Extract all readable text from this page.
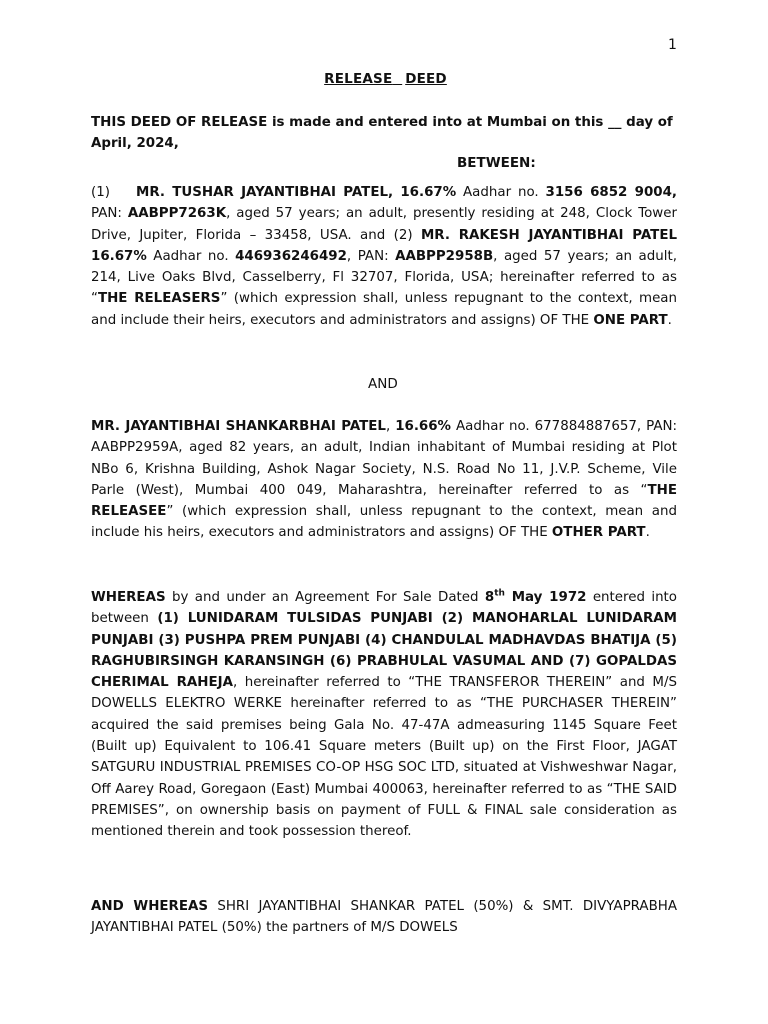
1
RELEASE DEED
THIS DEED OF RELEASE is made and entered into at Mumbai on this __ day of April, 2024,
BETWEEN:
(1) MR. TUSHAR JAYANTIBHAI PATEL, 16.67% Aadhar no. 3156 6852 9004, PAN: AABPP7263K, aged 57 years; an adult, presently residing at 248, Clock Tower Drive, Jupiter, Florida – 33458, USA. and (2) MR. RAKESH JAYANTIBHAI PATEL 16.67% Aadhar no. 446936246492, PAN: AABPP2958B, aged 57 years; an adult, 214, Live Oaks Blvd, Casselberry, Fl 32707, Florida, USA; hereinafter referred to as “THE RELEASERS” (which expression shall, unless repugnant to the context, mean and include their heirs, executors and administrators and assigns) OF THE ONE PART.
AND
MR. JAYANTIBHAI SHANKARBHAI PATEL, 16.66% Aadhar no. 677884887657, PAN: AABPP2959A, aged 82 years, an adult, Indian inhabitant of Mumbai residing at Plot NBo 6, Krishna Building, Ashok Nagar Society, N.S. Road No 11, J.V.P. Scheme, Vile Parle (West), Mumbai 400 049, Maharashtra, hereinafter referred to as “THE RELEASEE” (which expression shall, unless repugnant to the context, mean and include his heirs, executors and administrators and assigns) OF THE OTHER PART.
WHEREAS by and under an Agreement For Sale Dated 8th May 1972 entered into between (1) LUNIDARAM TULSIDAS PUNJABI (2) MANOHARLAL LUNIDARAM PUNJABI (3) PUSHPA PREM PUNJABI (4) CHANDULAL MADHAVDAS BHATIJA (5) RAGHUBIRSINGH KARANSINGH (6) PRABHULAL VASUMAL AND (7) GOPALDAS CHERIMAL RAHEJA, hereinafter referred to “THE TRANSFEROR THEREIN” and M/S DOWELLS ELEKTRO WERKE hereinafter referred to as “THE PURCHASER THEREIN” acquired the said premises being Gala No. 47-47A admeasuring 1145 Square Feet (Built up) Equivalent to 106.41 Square meters (Built up) on the First Floor, JAGAT SATGURU INDUSTRIAL PREMISES CO-OP HSG SOC LTD, situated at Vishweshwar Nagar, Off Aarey Road, Goregaon (East) Mumbai 400063, hereinafter referred to as “THE SAID PREMISES”, on ownership basis on payment of FULL & FINAL sale consideration as mentioned therein and took possession thereof.
AND WHEREAS SHRI JAYANTIBHAI SHANKAR PATEL (50%) & SMT. DIVYAPRABHA JAYANTIBHAI PATEL (50%) the partners of M/S DOWELS
